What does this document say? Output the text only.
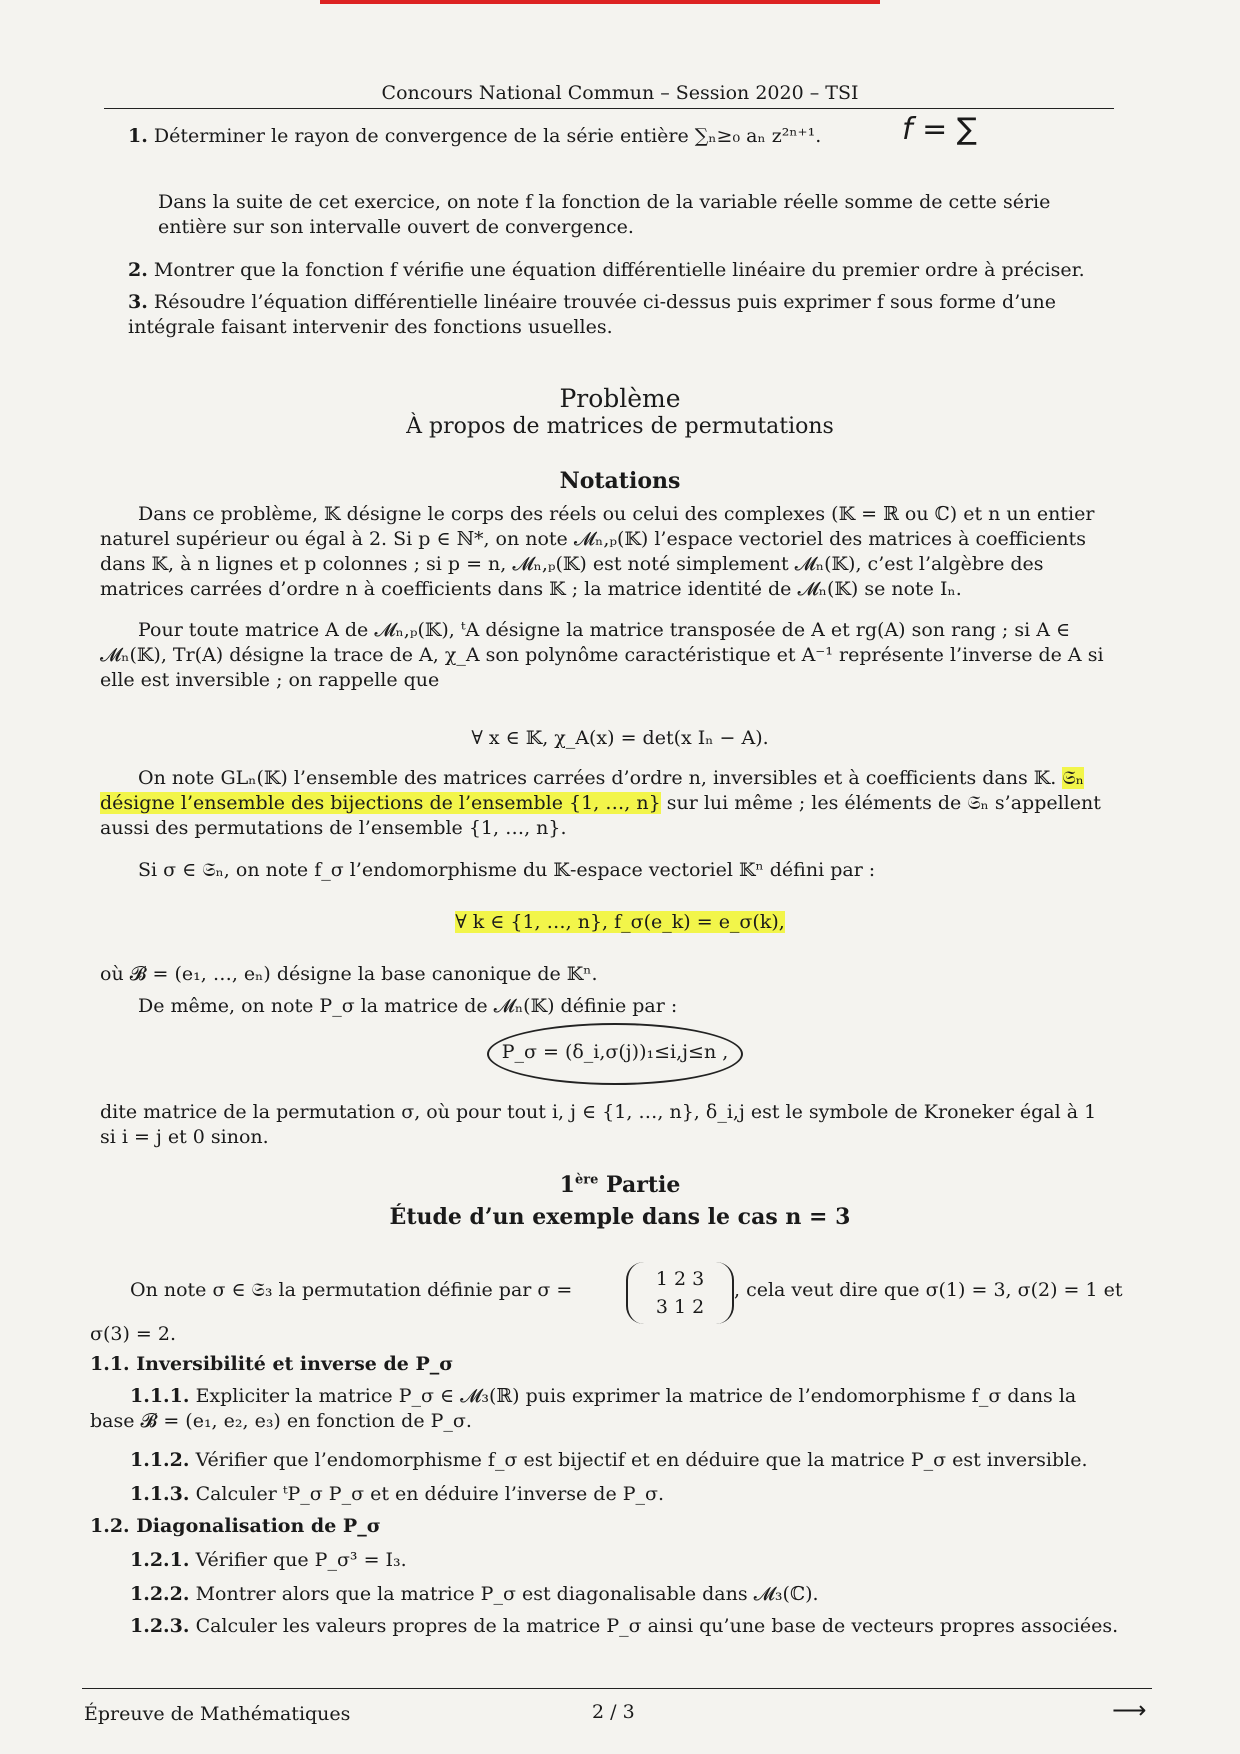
Concours National Commun – Session 2020 – TSI
1. Déterminer le rayon de convergence de la série entière ∑ₙ≥₀ aₙ z²ⁿ⁺¹.	f = ∑
Dans la suite de cet exercice, on note f la fonction de la variable réelle somme de cette série entière sur son intervalle ouvert de convergence.
2. Montrer que la fonction f vérifie une équation différentielle linéaire du premier ordre à préciser.
3. Résoudre l’équation différentielle linéaire trouvée ci-dessus puis exprimer f sous forme d’une intégrale faisant intervenir des fonctions usuelles.
Problème
À propos de matrices de permutations
Notations
Dans ce problème, 𝕂 désigne le corps des réels ou celui des complexes (𝕂 = ℝ ou ℂ) et n un entier naturel supérieur ou égal à 2. Si p ∈ ℕ*, on note 𝓜ₙ,ₚ(𝕂) l’espace vectoriel des matrices à coefficients dans 𝕂, à n lignes et p colonnes ; si p = n, 𝓜ₙ,ₚ(𝕂) est noté simplement 𝓜ₙ(𝕂), c’est l’algèbre des matrices carrées d’ordre n à coefficients dans 𝕂 ; la matrice identité de 𝓜ₙ(𝕂) se note Iₙ.
Pour toute matrice A de 𝓜ₙ,ₚ(𝕂), ᵗA désigne la matrice transposée de A et rg(A) son rang ; si A ∈ 𝓜ₙ(𝕂), Tr(A) désigne la trace de A, χ_A son polynôme caractéristique et A⁻¹ représente l’inverse de A si elle est inversible ; on rappelle que
∀ x ∈ 𝕂, χ_A(x) = det(x Iₙ − A).
On note GLₙ(𝕂) l’ensemble des matrices carrées d’ordre n, inversibles et à coefficients dans 𝕂. 𝔖ₙ désigne l’ensemble des bijections de l’ensemble {1, …, n} sur lui même ; les éléments de 𝔖ₙ s’appellent aussi des permutations de l’ensemble {1, …, n}.
Si σ ∈ 𝔖ₙ, on note f_σ l’endomorphisme du 𝕂-espace vectoriel 𝕂ⁿ défini par :
∀ k ∈ {1, …, n}, f_σ(e_k) = e_σ(k),
où 𝓑 = (e₁, …, eₙ) désigne la base canonique de 𝕂ⁿ.
De même, on note P_σ la matrice de 𝓜ₙ(𝕂) définie par :
P_σ = (δ_i,σ(j))₁≤i,j≤n ,
dite matrice de la permutation σ, où pour tout i, j ∈ {1, …, n}, δ_i,j est le symbole de Kroneker égal à 1 si i = j et 0 sinon.
1ère Partie
Étude d’un exemple dans le cas n = 3
On note σ ∈ 𝔖₃ la permutation définie par σ =	1 2 3
3 1 2
, cela veut dire que σ(1) = 3, σ(2) = 1 et
σ(3) = 2.
1.1. Inversibilité et inverse de P_σ
1.1.1. Expliciter la matrice P_σ ∈ 𝓜₃(ℝ) puis exprimer la matrice de l’endomorphisme f_σ dans la base 𝓑 = (e₁, e₂, e₃) en fonction de P_σ.
1.1.2. Vérifier que l’endomorphisme f_σ est bijectif et en déduire que la matrice P_σ est inversible.
1.1.3. Calculer ᵗP_σ P_σ et en déduire l’inverse de P_σ.
1.2. Diagonalisation de P_σ
1.2.1. Vérifier que P_σ³ = I₃.
1.2.2. Montrer alors que la matrice P_σ est diagonalisable dans 𝓜₃(ℂ).
1.2.3. Calculer les valeurs propres de la matrice P_σ ainsi qu’une base de vecteurs propres associées.
Épreuve de Mathématiques	2 / 3	⟶
